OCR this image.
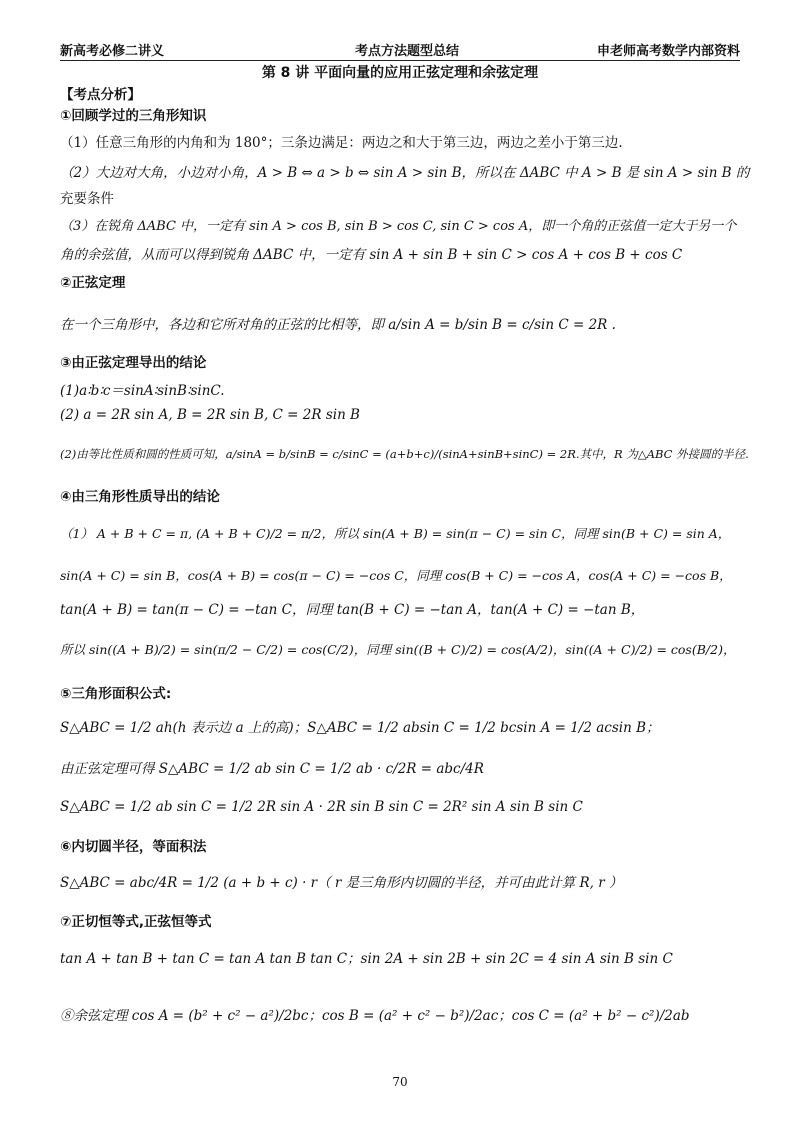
新高考必修二讲义	考点方法题型总结	申老师高考数学内部资料
第 8 讲 平面向量的应用正弦定理和余弦定理
【考点分析】
①回顾学过的三角形知识
（1）任意三角形的内角和为 180°；三条边满足：两边之和大于第三边，两边之差小于第三边.
（2）大边对大角，小边对小角，A > B ⇔ a > b ⇔ sin A > sin B，所以在 ΔABC 中 A > B 是 sin A > sin B 的
充要条件
（3）在锐角 ΔABC 中，一定有 sin A > cos B, sin B > cos C, sin C > cos A，即一个角的正弦值一定大于另一个
角的余弦值，从而可以得到锐角 ΔABC 中，一定有 sin A + sin B + sin C > cos A + cos B + cos C
②正弦定理
在一个三角形中，各边和它所对角的正弦的比相等，即 a/sin A = b/sin B = c/sin C = 2R .
③由正弦定理导出的结论
(1)a∶b∶c＝sinA∶sinB∶sinC.
(2) a = 2R sin A, B = 2R sin B, C = 2R sin B
(2)由等比性质和圆的性质可知，a/sinA = b/sinB = c/sinC = (a+b+c)/(sinA+sinB+sinC) = 2R.其中，R 为△ABC 外接圆的半径.
④由三角形性质导出的结论
（1） A + B + C = π, (A + B + C)/2 = π/2，所以 sin(A + B) = sin(π − C) = sin C，同理 sin(B + C) = sin A，
sin(A + C) = sin B，cos(A + B) = cos(π − C) = −cos C，同理 cos(B + C) = −cos A，cos(A + C) = −cos B，
tan(A + B) = tan(π − C) = −tan C，同理 tan(B + C) = −tan A，tan(A + C) = −tan B，
所以 sin((A + B)/2) = sin(π/2 − C/2) = cos(C/2)，同理 sin((B + C)/2) = cos(A/2)，sin((A + C)/2) = cos(B/2)，
⑤三角形面积公式:
S△ABC = 1/2 ah(h 表示边 a 上的高)；S△ABC = 1/2 absin C = 1/2 bcsin A = 1/2 acsin B；
由正弦定理可得 S△ABC = 1/2 ab sin C = 1/2 ab · c/2R = abc/4R
S△ABC = 1/2 ab sin C = 1/2 2R sin A · 2R sin B sin C = 2R² sin A sin B sin C
⑥内切圆半径，等面积法
S△ABC = abc/4R = 1/2 (a + b + c) · r（ r 是三角形内切圆的半径，并可由此计算 R, r ）
⑦正切恒等式,正弦恒等式
tan A + tan B + tan C = tan A tan B tan C；sin 2A + sin 2B + sin 2C = 4 sin A sin B sin C
⑧余弦定理 cos A = (b² + c² − a²)/2bc；cos B = (a² + c² − b²)/2ac；cos C = (a² + b² − c²)/2ab
70
